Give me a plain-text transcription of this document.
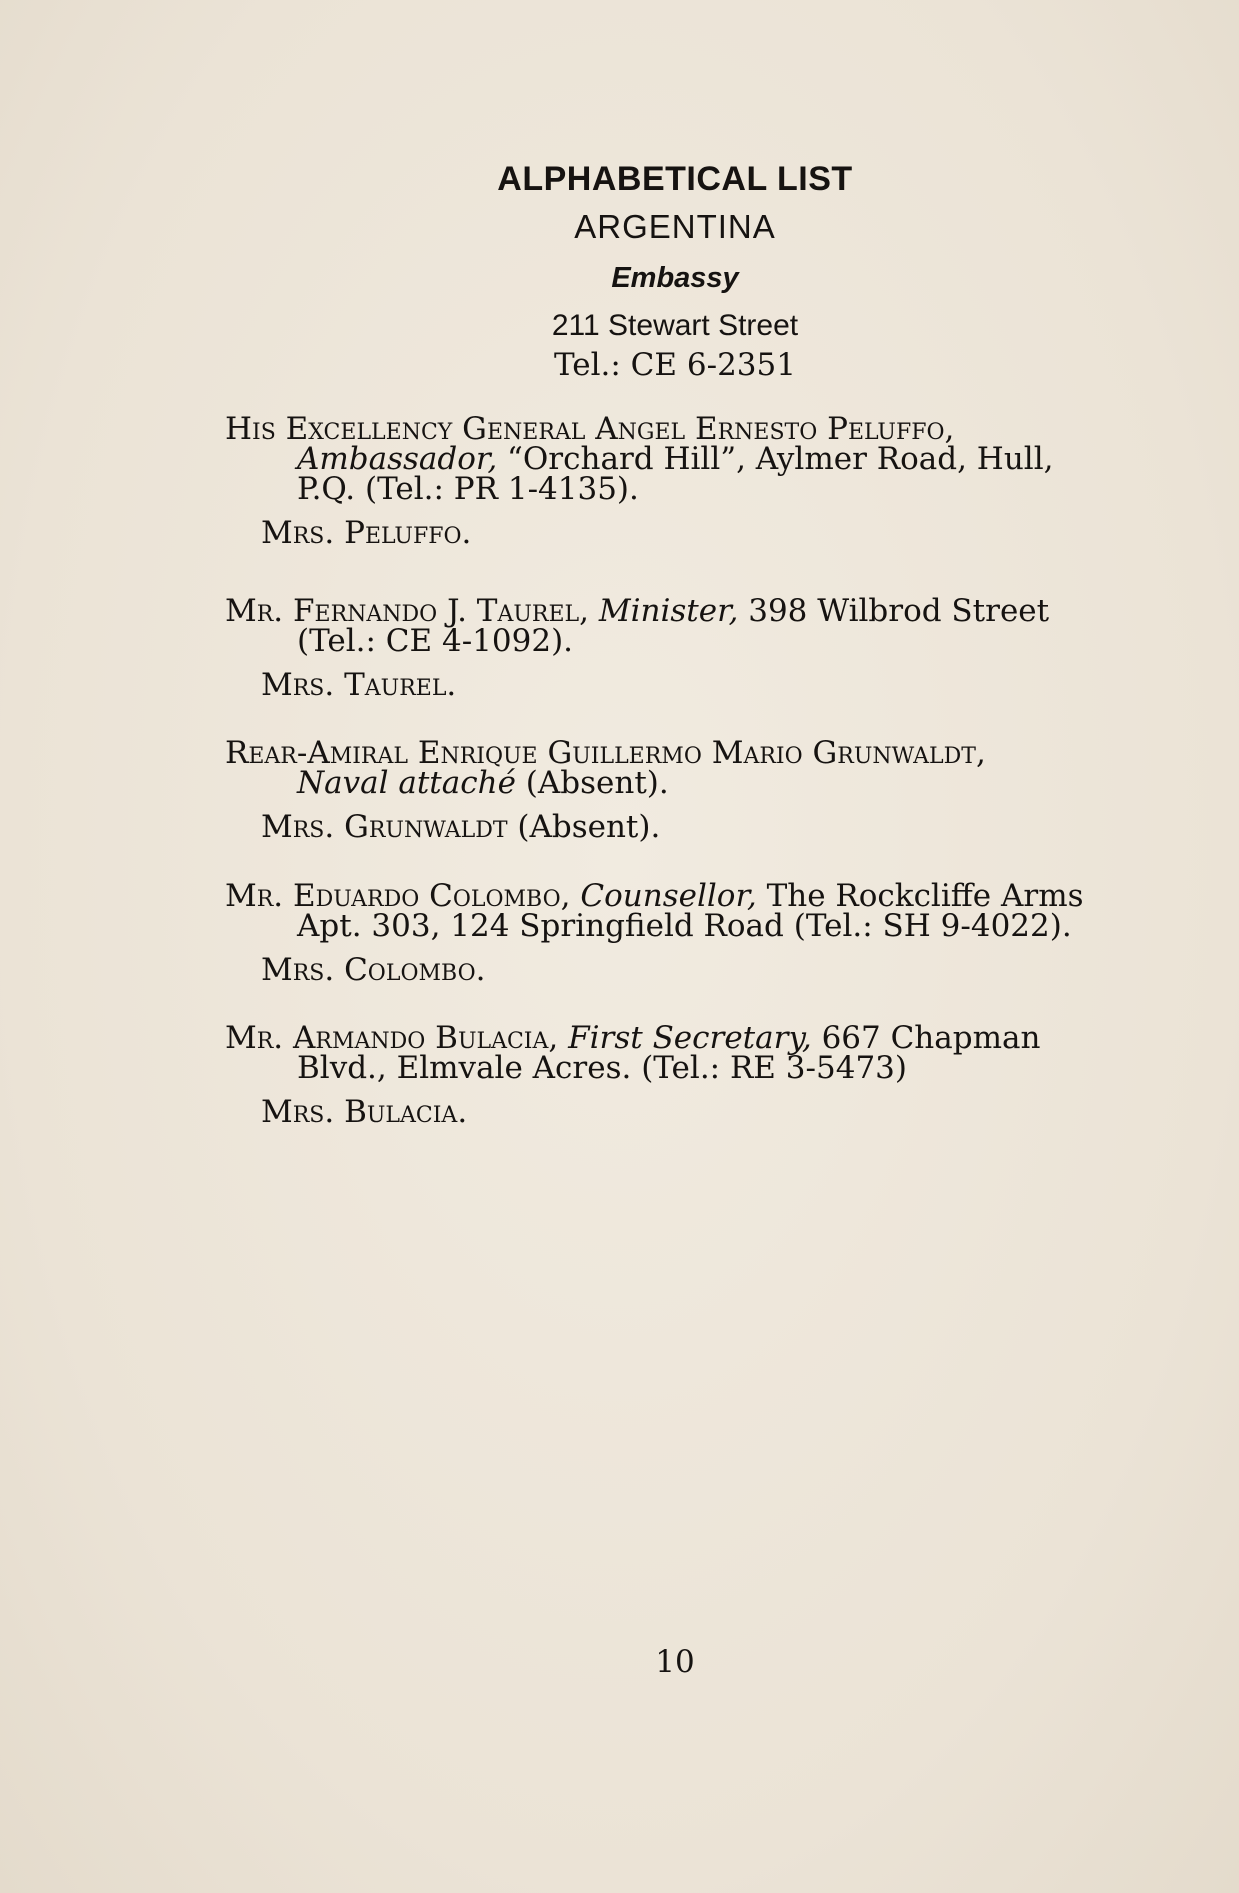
ALPHABETICAL LIST
ARGENTINA
Embassy
211 Stewart Street
Tel.: CE 6-2351
His Excellency General Angel Ernesto Peluffo,
Ambassador, “Orchard Hill”, Aylmer Road, Hull,
P.Q. (Tel.: PR 1-4135).
Mrs. Peluffo.
Mr. Fernando J. Taurel, Minister, 398 Wilbrod Street
(Tel.: CE 4-1092).
Mrs. Taurel.
Rear-Amiral Enrique Guillermo Mario Grunwaldt,
Naval attaché (Absent).
Mrs. Grunwaldt (Absent).
Mr. Eduardo Colombo, Counsellor, The Rockcliffe Arms
Apt. 303, 124 Springfield Road (Tel.: SH 9-4022).
Mrs. Colombo.
Mr. Armando Bulacia, First Secretary, 667 Chapman
Blvd., Elmvale Acres. (Tel.: RE 3-5473)
Mrs. Bulacia.
10
